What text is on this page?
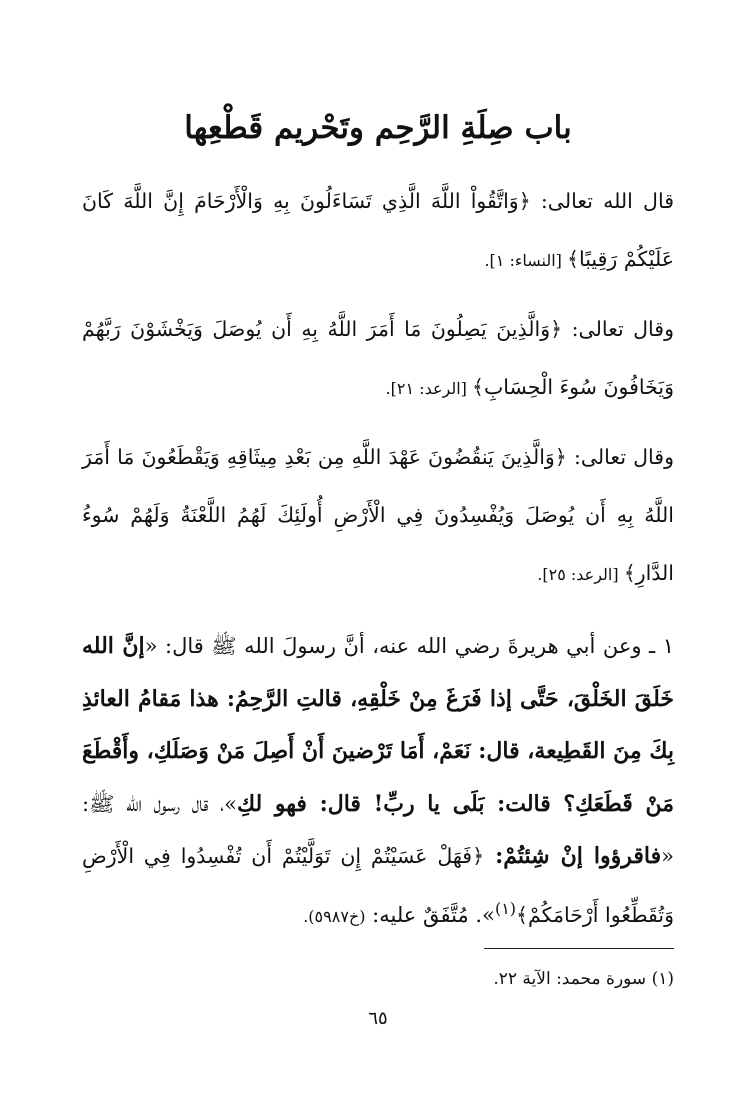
باب صِلَةِ الرَّحِم وتَحْريم قَطْعِها

قال الله تعالى: ﴿وَاتَّقُواْ اللَّهَ الَّذِي تَسَاءَلُونَ بِهِ وَالْأَرْحَامَ إِنَّ اللَّهَ كَانَ عَلَيْكُمْ رَقِيبًا﴾ [النساء: ١].

وقال تعالى: ﴿وَالَّذِينَ يَصِلُونَ مَا أَمَرَ اللَّهُ بِهِ أَن يُوصَلَ وَيَخْشَوْنَ رَبَّهُمْ وَيَخَافُونَ سُوءَ الْحِسَابِ﴾ [الرعد: ٢١].

وقال تعالى: ﴿وَالَّذِينَ يَنقُضُونَ عَهْدَ اللَّهِ مِن بَعْدِ مِيثَاقِهِ وَيَقْطَعُونَ مَا أَمَرَ اللَّهُ بِهِ أَن يُوصَلَ وَيُفْسِدُونَ فِي الْأَرْضِ أُولَئِكَ لَهُمُ اللَّعْنَةُ وَلَهُمْ سُوءُ الدَّارِ﴾ [الرعد: ٢٥].

١ ـ وعن أبي هريرةَ رضي الله عنه، أنَّ رسولَ الله ﷺ قال: «إنَّ الله خَلَقَ الخَلْقَ، حَتَّى إذا فَرَغَ مِنْ خَلْقِهِ، قالتِ الرَّحِمُ: هذا مَقامُ العائذِ بِكَ مِنَ القَطِيعة، قال: نَعَمْ، أَمَا تَرْضينَ أَنْ أَصِلَ مَنْ وَصَلَكِ، وأَقْطَعَ مَنْ قَطَعَكِ؟ قالت: بَلَى يا ربِّ! قال: فهو لكِ»، قال رسول الله ﷺ: «فاقرؤوا إنْ شِئتُمْ: ﴿فَهَلْ عَسَيْتُمْ إِن تَوَلَّيْتُمْ أَن تُفْسِدُوا فِي الْأَرْضِ وَتُقَطِّعُوا أَرْحَامَكُمْ﴾$^{(١)}$». مُتَّفَقٌ عليه: (خ٥٩٨٧).

(١) سورة محمد: الآية ٢٢.
٦٥
